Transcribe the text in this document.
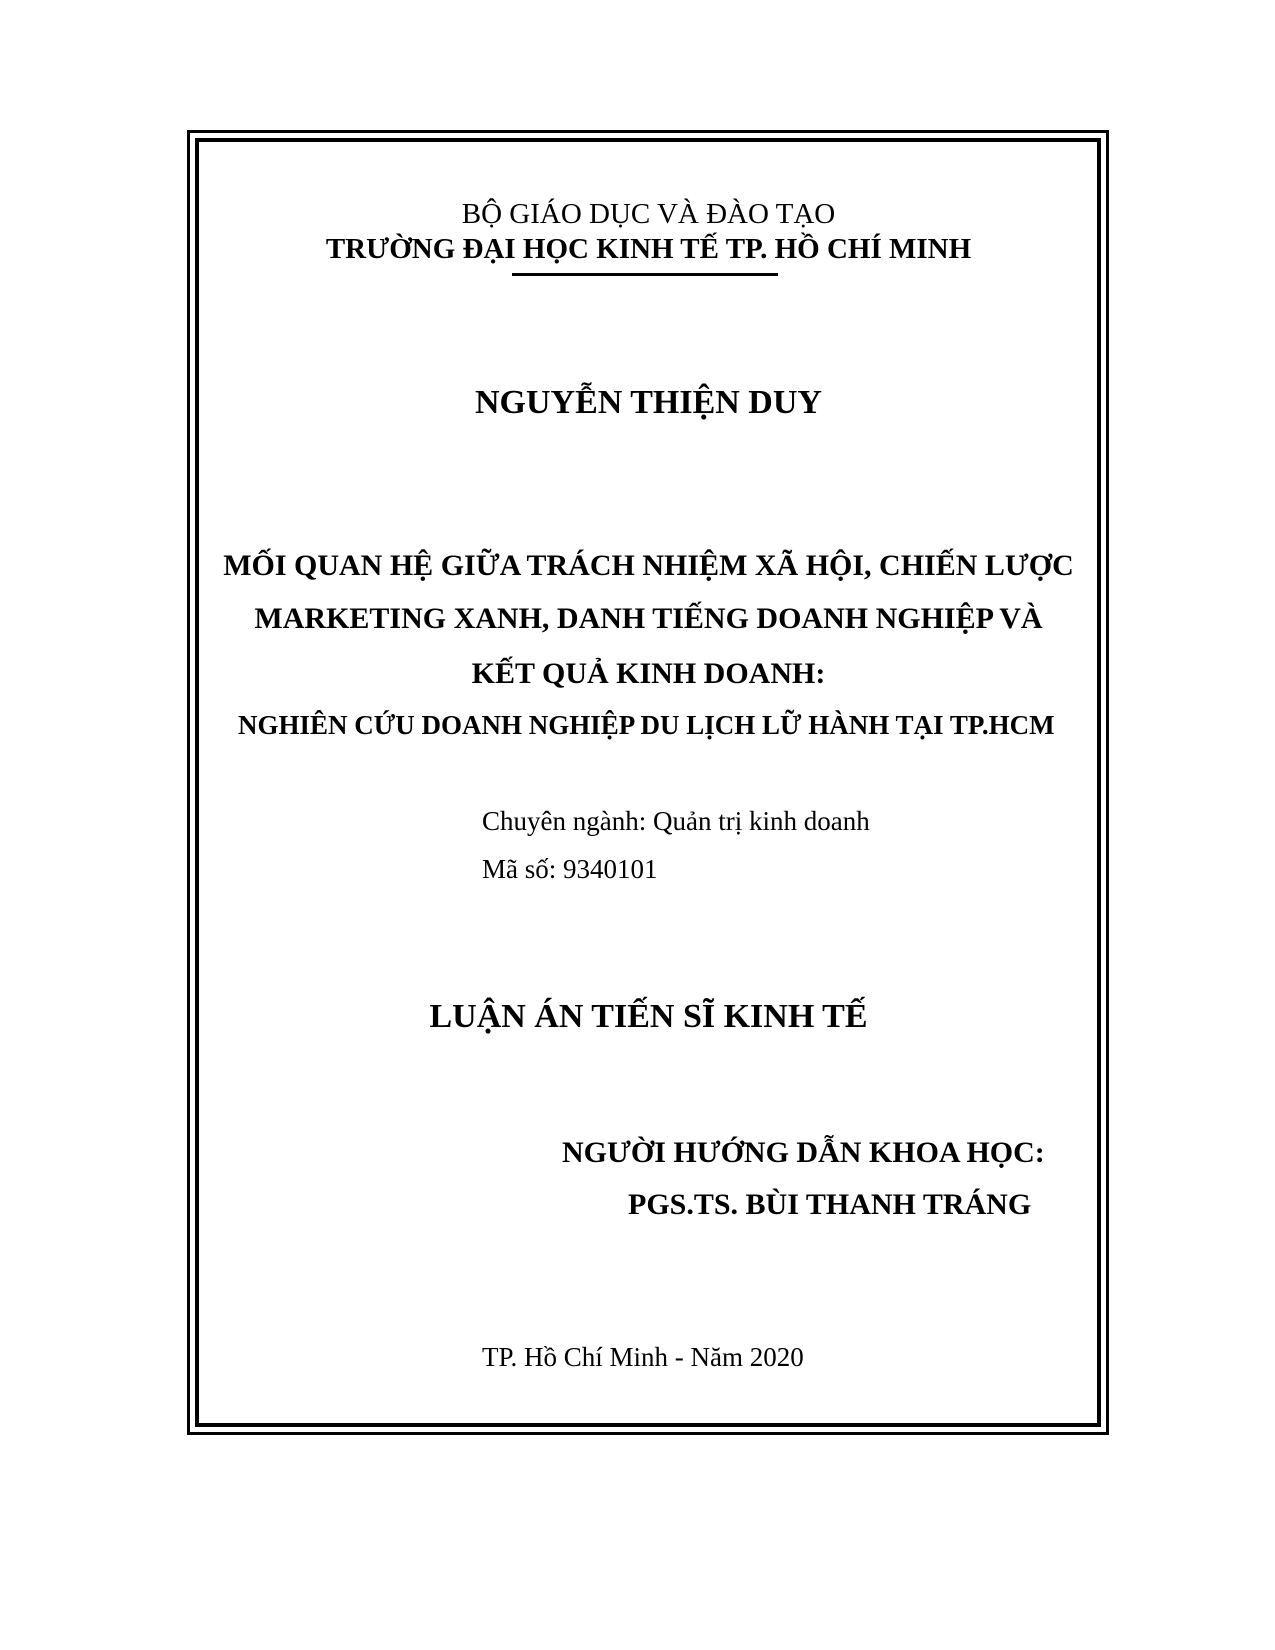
BỘ GIÁO DỤC VÀ ĐÀO TẠO
TRƯỜNG ĐẠI HỌC KINH TẾ TP. HỒ CHÍ MINH
NGUYỄN THIỆN DUY
MỐI QUAN HỆ GIỮA TRÁCH NHIỆM XÃ HỘI, CHIẾN LƯỢC
MARKETING XANH, DANH TIẾNG DOANH NGHIỆP VÀ
KẾT QUẢ KINH DOANH:
NGHIÊN CỨU DOANH NGHIỆP DU LỊCH LỮ HÀNH TẠI TP.HCM
Chuyên ngành: Quản trị kinh doanh
Mã số: 9340101
LUẬN ÁN TIẾN SĨ KINH TẾ
NGƯỜI HƯỚNG DẪN KHOA HỌC:
PGS.TS. BÙI THANH TRÁNG
TP. Hồ Chí Minh - Năm 2020
